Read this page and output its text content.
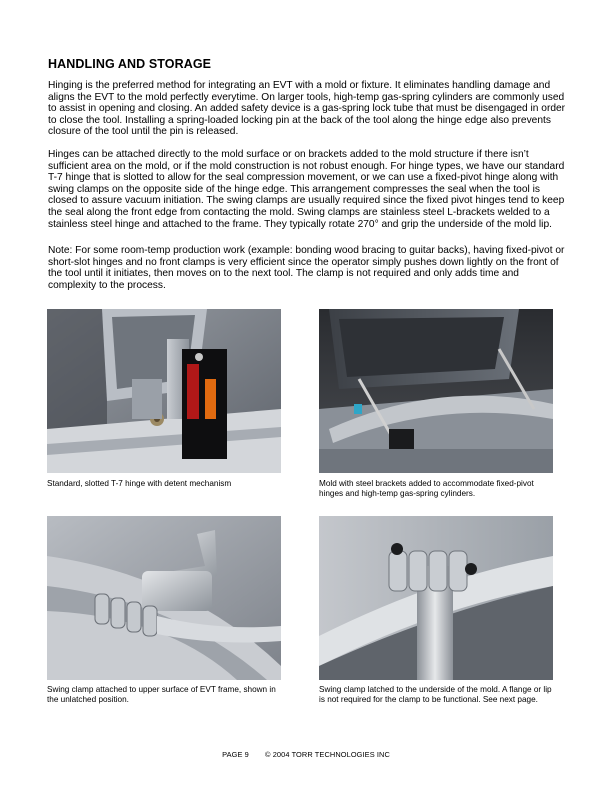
HANDLING AND STORAGE

Hinging is the preferred method for integrating an EVT with a mold or fixture. It eliminates handling damage and aligns the EVT to the mold perfectly everytime. On larger tools, high-temp gas-spring cylinders are commonly used to assist in opening and closing. An added safety device is a gas-spring lock tube that must be disengaged in order to close the tool. Installing a spring-loaded locking pin at the back of the tool along the hinge edge also prevents closure of the tool until the pin is released.

Hinges can be attached directly to the mold surface or on brackets added to the mold structure if there isn’t sufficient area on the mold, or if the mold construction is not robust enough. For hinge types, we have our standard T-7 hinge that is slotted to allow for the seal compression movement, or we can use a fixed-pivot hinge along with swing clamps on the opposite side of the hinge edge. This arrangement compresses the seal when the tool is closed to assure vacuum initiation. The swing clamps are usually required since the fixed pivot hinges tend to keep the seal along the front edge from contacting the mold. Swing clamps are stainless steel L-brackets welded to a stainless steel hinge and attached to the frame. They typically rotate 270° and grip the underside of the mold lip.

Note: For some room-temp production work (example: bonding wood bracing to guitar backs), having fixed-pivot or short-slot hinges and no front clamps is very efficient since the operator simply pushes down lightly on the front of the tool until it initiates, then moves on to the next tool. The clamp is not required and only adds time and complexity to the process.

Standard, slotted T-7 hinge with detent mechanism	Mold with steel brackets added to accommodate fixed-pivot hinges and high-temp gas-spring cylinders.

Swing clamp attached to upper surface of EVT frame, shown in the unlatched position.

Swing clamp latched to the underside of the mold. A flange or lip is not required for the clamp to be functional. See next page.

PAGE 9 © 2004 TORR TECHNOLOGIES INC
